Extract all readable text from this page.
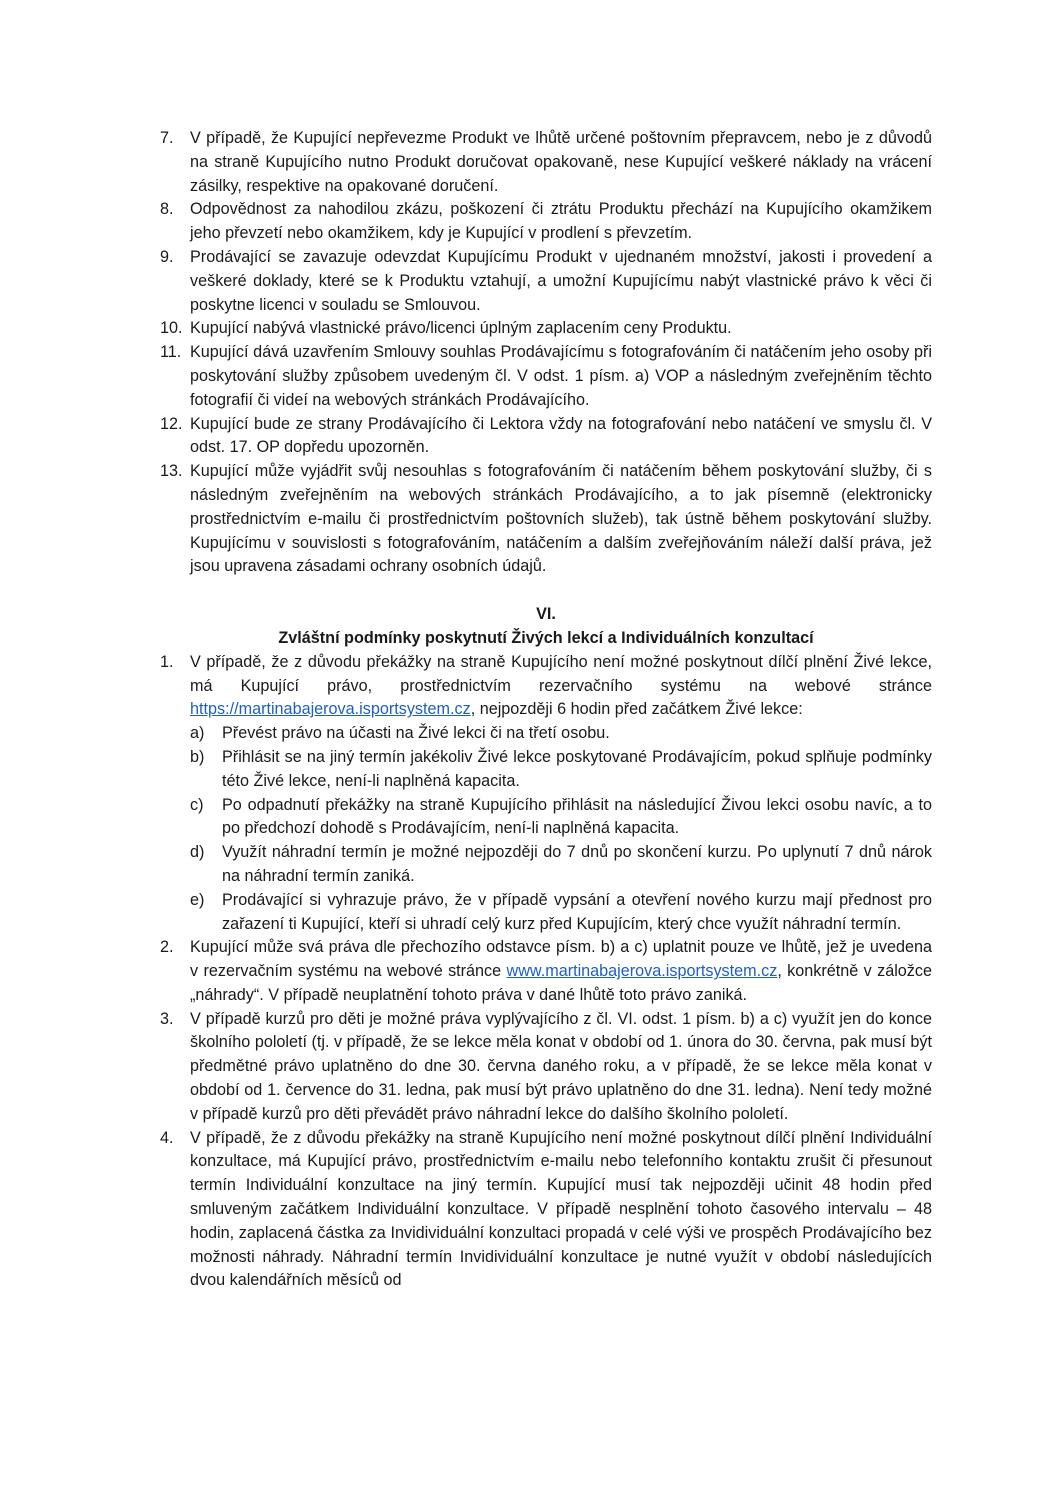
7. V případě, že Kupující nepřevezme Produkt ve lhůtě určené poštovním přepravcem, nebo je z důvodů na straně Kupujícího nutno Produkt doručovat opakovaně, nese Kupující veškeré náklady na vrácení zásilky, respektive na opakované doručení.
8. Odpovědnost za nahodilou zkázu, poškození či ztrátu Produktu přechází na Kupujícího okamžikem jeho převzetí nebo okamžikem, kdy je Kupující v prodlení s převzetím.
9. Prodávající se zavazuje odevzdat Kupujícímu Produkt v ujednaném množství, jakosti i provedení a veškeré doklady, které se k Produktu vztahují, a umožní Kupujícímu nabýt vlastnické právo k věci či poskytne licenci v souladu se Smlouvou.
10. Kupující nabývá vlastnické právo/licenci úplným zaplacením ceny Produktu.
11. Kupující dává uzavřením Smlouvy souhlas Prodávajícímu s fotografováním či natáčením jeho osoby při poskytování služby způsobem uvedeným čl. V odst. 1 písm. a) VOP a následným zveřejněním těchto fotografií či videí na webových stránkách Prodávajícího.
12. Kupující bude ze strany Prodávajícího či Lektora vždy na fotografování nebo natáčení ve smyslu čl. V odst. 17. OP dopředu upozorněn.
13. Kupující může vyjádřit svůj nesouhlas s fotografováním či natáčením během poskytování služby, či s následným zveřejněním na webových stránkách Prodávajícího, a to jak písemně (elektronicky prostřednictvím e-mailu či prostřednictvím poštovních služeb), tak ústně během poskytování služby. Kupujícímu v souvislosti s fotografováním, natáčením a dalším zveřejňováním náleží další práva, jež jsou upravena zásadami ochrany osobních údajů.
VI.
Zvláštní podmínky poskytnutí Živých lekcí a Individuálních konzultací
1. V případě, že z důvodu překážky na straně Kupujícího není možné poskytnout dílčí plnění Živé lekce, má Kupující právo, prostřednictvím rezervačního systému na webové stránce https://martinabajerova.isportsystem.cz, nejpozději 6 hodin před začátkem Živé lekce:
a) Převést právo na účasti na Živé lekci či na třetí osobu.
b) Přihlásit se na jiný termín jakékoliv Živé lekce poskytované Prodávajícím, pokud splňuje podmínky této Živé lekce, není-li naplněná kapacita.
c) Po odpadnutí překážky na straně Kupujícího přihlásit na následující Živou lekci osobu navíc, a to po předchozí dohodě s Prodávajícím, není-li naplněná kapacita.
d) Využít náhradní termín je možné nejpozději do 7 dnů po skončení kurzu. Po uplynutí 7 dnů nárok na náhradní termín zaniká.
e) Prodávající si vyhrazuje právo, že v případě vypsání a otevření nového kurzu mají přednost pro zařazení ti Kupující, kteří si uhradí celý kurz před Kupujícím, který chce využít náhradní termín.
2. Kupující může svá práva dle přechozího odstavce písm. b) a c) uplatnit pouze ve lhůtě, jež je uvedena v rezervačním systému na webové stránce www.martinabajerova.isportsystem.cz, konkrétně v záložce „náhrady“. V případě neuplatnění tohoto práva v dané lhůtě toto právo zaniká.
3. V případě kurzů pro děti je možné práva vyplývajícího z čl. VI. odst. 1 písm. b) a c) využít jen do konce školního pololetí (tj. v případě, že se lekce měla konat v období od 1. února do 30. června, pak musí být předmětné právo uplatněno do dne 30. června daného roku, a v případě, že se lekce měla konat v období od 1. července do 31. ledna, pak musí být právo uplatněno do dne 31. ledna). Není tedy možné v případě kurzů pro děti převádět právo náhradní lekce do dalšího školního pololetí.
4. V případě, že z důvodu překážky na straně Kupujícího není možné poskytnout dílčí plnění Individuální konzultace, má Kupující právo, prostřednictvím e-mailu nebo telefonního kontaktu zrušit či přesunout termín Individuální konzultace na jiný termín. Kupující musí tak nejpozději učinit 48 hodin před smluveným začátkem Individuální konzultace. V případě nesplnění tohoto časového intervalu – 48 hodin, zaplacená částka za Invidividuální konzultaci propadá v celé výši ve prospěch Prodávajícího bez možnosti náhrady. Náhradní termín Invidividuální konzultace je nutné využít v období následujících dvou kalendářních měsíců od
